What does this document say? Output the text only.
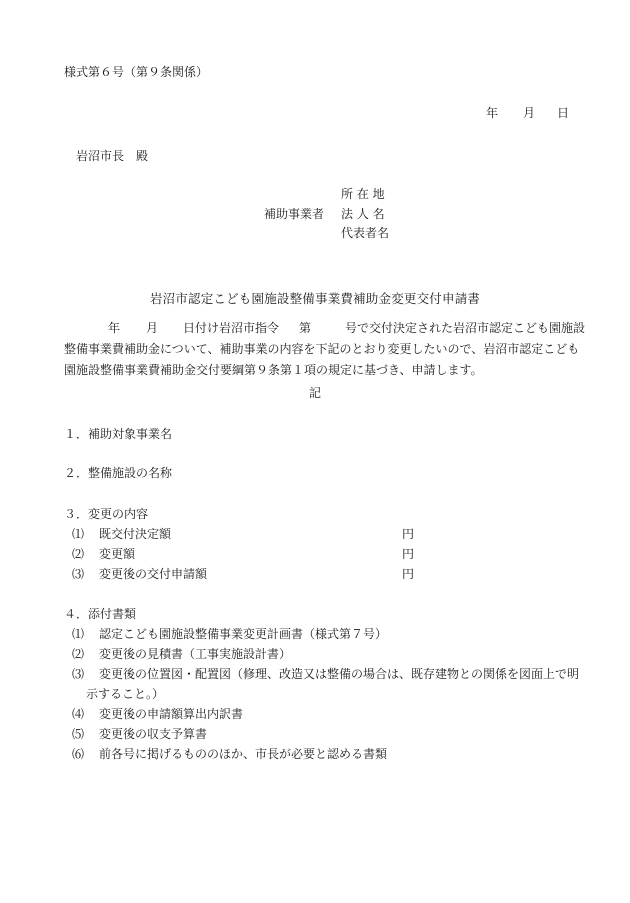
様式第６号（第９条関係）
年 月 日
岩沼市長　殿
所 在 地
補助事業者 法 人 名
代表者名
岩沼市認定こども園施設整備事業費補助金変更交付申請書
年 月 日付け岩沼市指令 第	号で交付決定された岩沼市認定こども園施設
整備事業費補助金について、補助事業の内容を下記のとおり変更したいので、岩沼市認定こども
園施設整備事業費補助金交付要綱第９条第１項の規定に基づき、申請します。
記
１．補助対象事業名
２．整備施設の名称
３．変更の内容
⑴ 既交付決定額	円
⑵ 変更額	円
⑶ 変更後の交付申請額	円
４．添付書類
⑴ 認定こども園施設整備事業変更計画書（様式第７号）
⑵ 変更後の見積書（工事実施設計書）
⑶ 変更後の位置図・配置図（修理、改造又は整備の場合は、既存建物との関係を図面上で明
示すること。）
⑷ 変更後の申請額算出内訳書
⑸ 変更後の収支予算書
⑹ 前各号に掲げるもののほか、市長が必要と認める書類
